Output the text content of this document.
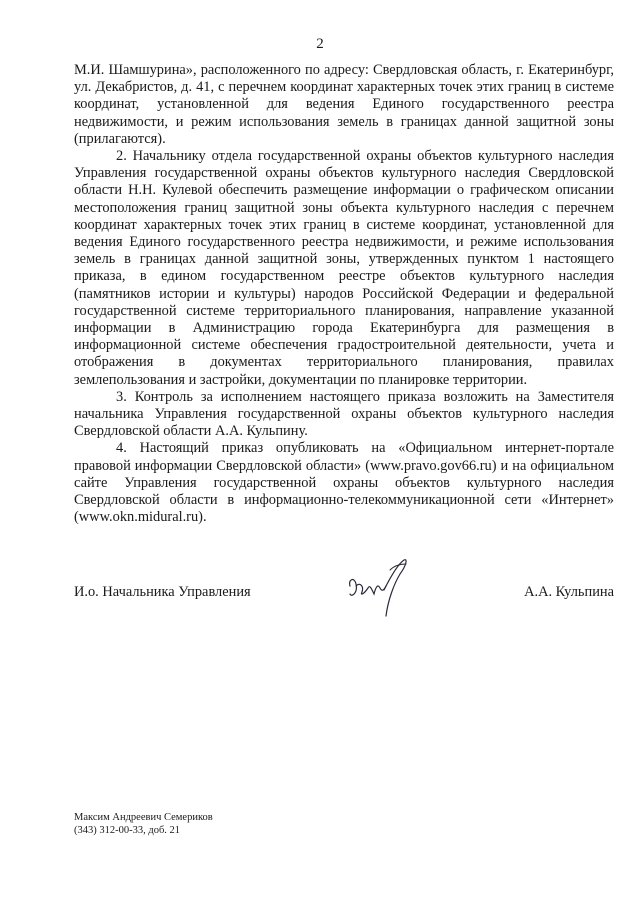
2

М.И. Шамшурина», расположенного по адресу: Свердловская область, г. Екатеринбург, ул. Декабристов, д. 41, с перечнем координат характерных точек этих границ в системе координат, установленной для ведения Единого государственного реестра недвижимости, и режим использования земель в границах данной защитной зоны (прилагаются).

2. Начальнику отдела государственной охраны объектов культурного наследия Управления государственной охраны объектов культурного наследия Свердловской области Н.Н. Кулевой обеспечить размещение информации о графическом описании местоположения границ защитной зоны объекта культурного наследия с перечнем координат характерных точек этих границ в системе координат, установленной для ведения Единого государственного реестра недвижимости, и режиме использования земель в границах данной защитной зоны, утвержденных пунктом 1 настоящего приказа, в едином государственном реестре объектов культурного наследия (памятников истории и культуры) народов Российской Федерации и федеральной государственной системе территориального планирования, направление указанной информации в Администрацию города Екатеринбурга для размещения в информационной системе обеспечения градостроительной деятельности, учета и отображения в документах территориального планирования, правилах землепользования и застройки, документации по планировке территории.

3. Контроль за исполнением настоящего приказа возложить на Заместителя начальника Управления государственной охраны объектов культурного наследия Свердловской области А.А. Кульпину.

4. Настоящий приказ опубликовать на «Официальном интернет-портале правовой информации Свердловской области» (www.pravo.gov66.ru) и на официальном сайте Управления государственной охраны объектов культурного наследия Свердловской области в информационно-телекоммуникационной сети «Интернет» (www.okn.midural.ru).

И.о. Начальника Управления	А.А. Кульпина
Максим Андреевич Семериков
(343) 312-00-33, доб. 21
